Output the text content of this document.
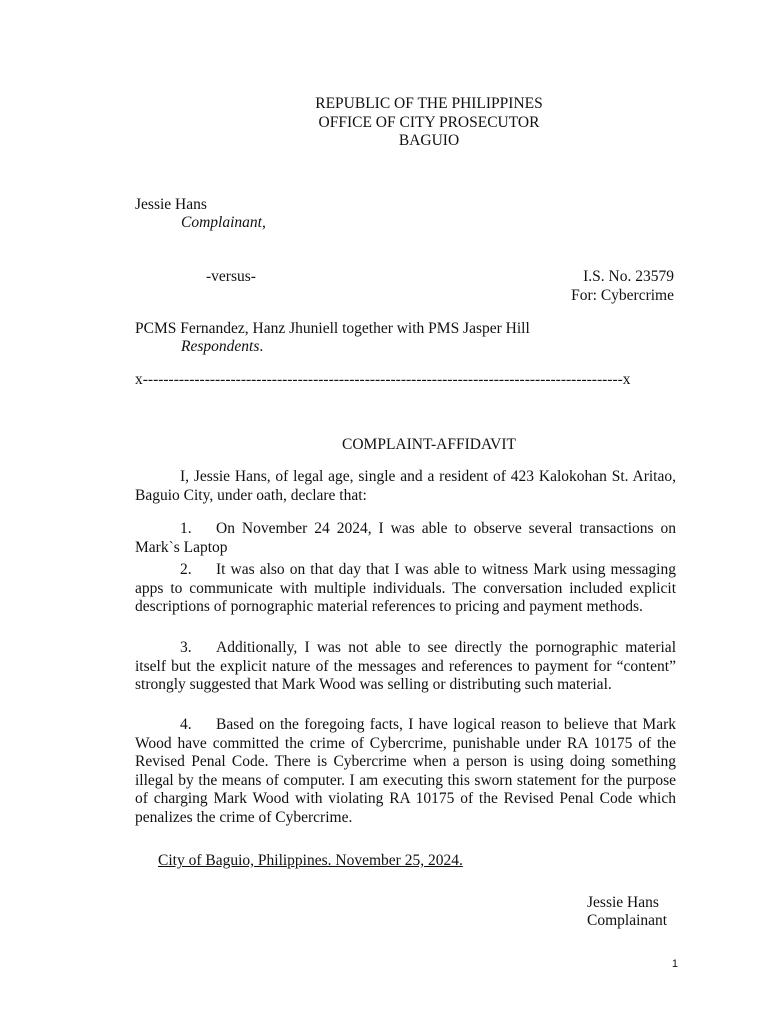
REPUBLIC OF THE PHILIPPINES
OFFICE OF CITY PROSECUTOR
BAGUIO
Jessie Hans
Complainant,
-versus-	I.S. No. 23579
For: Cybercrime
PCMS Fernandez, Hanz Jhuniell together with PMS Jasper Hill
Respondents.
x---------------------------------------------------------------------------------------------x
COMPLAINT-AFFIDAVIT
I, Jessie Hans, of legal age, single and a resident of 423 Kalokohan St. Aritao, Baguio City, under oath, declare that:
1. On November 24 2024, I was able to observe several transactions on Mark`s Laptop
2. It was also on that day that I was able to witness Mark using messaging apps to communicate with multiple individuals. The conversation included explicit descriptions of pornographic material references to pricing and payment methods.
3. Additionally, I was not able to see directly the pornographic material itself but the explicit nature of the messages and references to payment for “content” strongly suggested that Mark Wood was selling or distributing such material.
4. Based on the foregoing facts, I have logical reason to believe that Mark Wood have committed the crime of Cybercrime, punishable under RA 10175 of the Revised Penal Code. There is Cybercrime when a person is using doing something illegal by the means of computer. I am executing this sworn statement for the purpose of charging Mark Wood with violating RA 10175 of the Revised Penal Code which penalizes the crime of Cybercrime.
City of Baguio, Philippines. November 25, 2024.
Jessie Hans
Complainant
1
